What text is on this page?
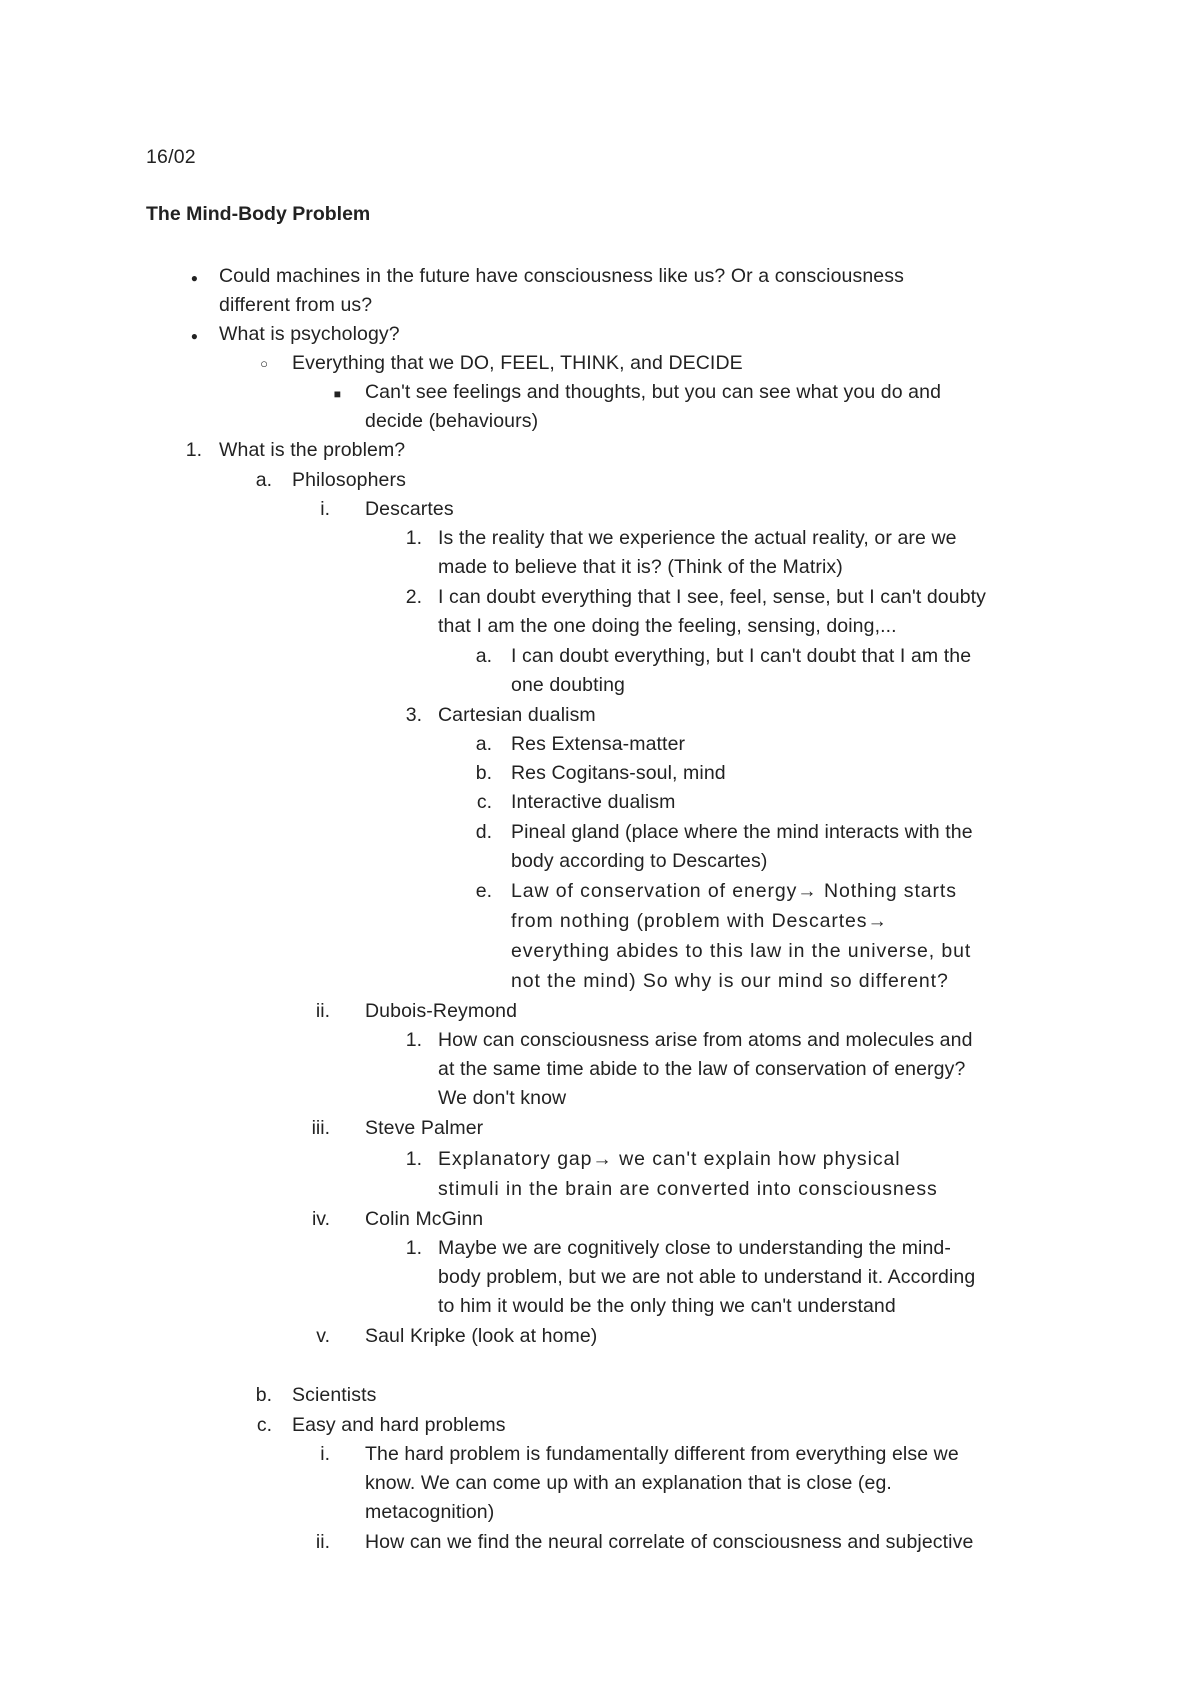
16/02
The Mind-Body Problem
● Could machines in the future have consciousness like us? Or a consciousness
different from us?
● What is psychology?
○ Everything that we DO, FEEL, THINK, and DECIDE
■ Can't see feelings and thoughts, but you can see what you do and
decide (behaviours)
1. What is the problem?
a. Philosophers
i. Descartes
1. Is the reality that we experience the actual reality, or are we
made to believe that it is? (Think of the Matrix)
2. I can doubt everything that I see, feel, sense, but I can't doubty
that I am the one doing the feeling, sensing, doing,...
a. I can doubt everything, but I can't doubt that I am the
one doubting
3. Cartesian dualism
a. Res Extensa-matter
b. Res Cogitans-soul, mind
c. Interactive dualism
d. Pineal gland (place where the mind interacts with the
body according to Descartes)
e. Law of conservation of energy→ Nothing starts
from nothing (problem with Descartes→
everything abides to this law in the universe, but
not the mind) So why is our mind so different?
ii. Dubois-Reymond
1. How can consciousness arise from atoms and molecules and
at the same time abide to the law of conservation of energy?
We don't know
iii. Steve Palmer
1. Explanatory gap→ we can't explain how physical
stimuli in the brain are converted into consciousness
iv. Colin McGinn
1. Maybe we are cognitively close to understanding the mind-
body problem, but we are not able to understand it. According
to him it would be the only thing we can't understand
v. Saul Kripke (look at home)
b. Scientists
c. Easy and hard problems
i. The hard problem is fundamentally different from everything else we
know. We can come up with an explanation that is close (eg.
metacognition)
ii. How can we find the neural correlate of consciousness and subjective
